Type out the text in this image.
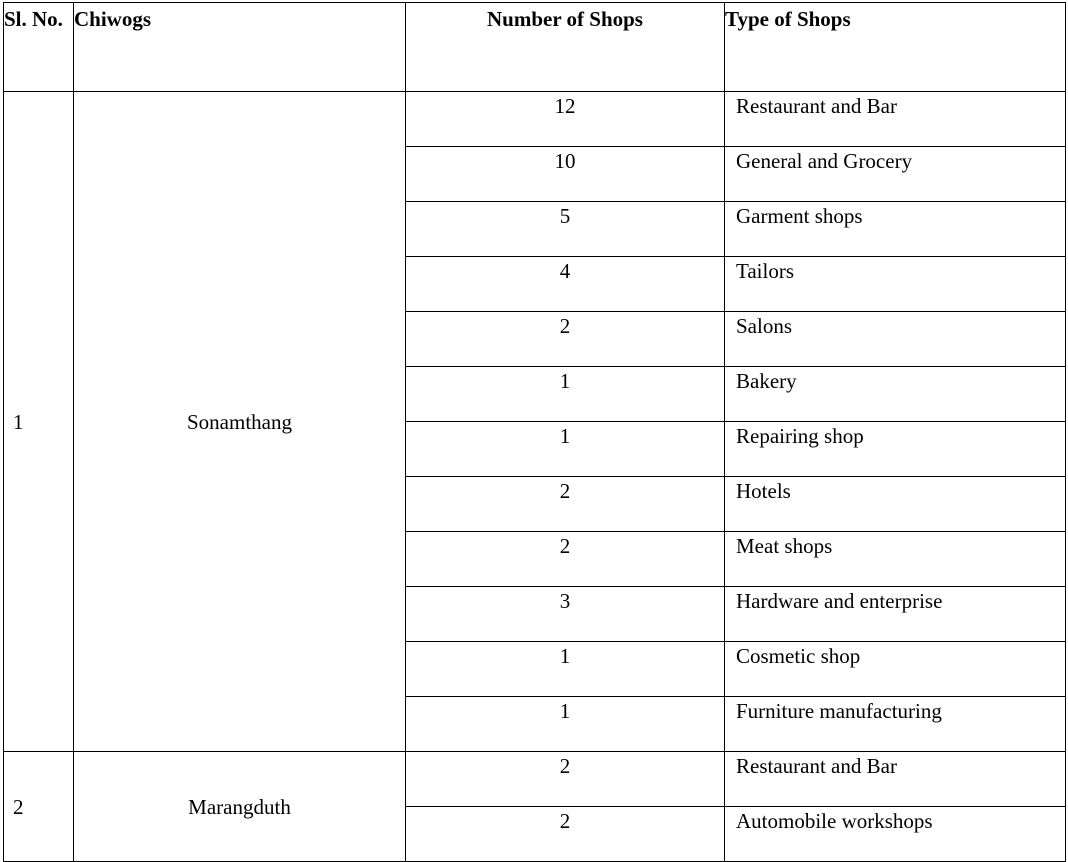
Sl. No.	Chiwogs	Number of Shops	Type of Shops
1	Sonamthang	12	Restaurant and Bar
		10	General and Grocery
		5	Garment shops
		4	Tailors
		2	Salons
		1	Bakery
		1	Repairing shop
		2	Hotels
		2	Meat shops
		3	Hardware and enterprise
		1	Cosmetic shop
		1	Furniture manufacturing
2	Marangduth	2	Restaurant and Bar
		2	Automobile workshops
